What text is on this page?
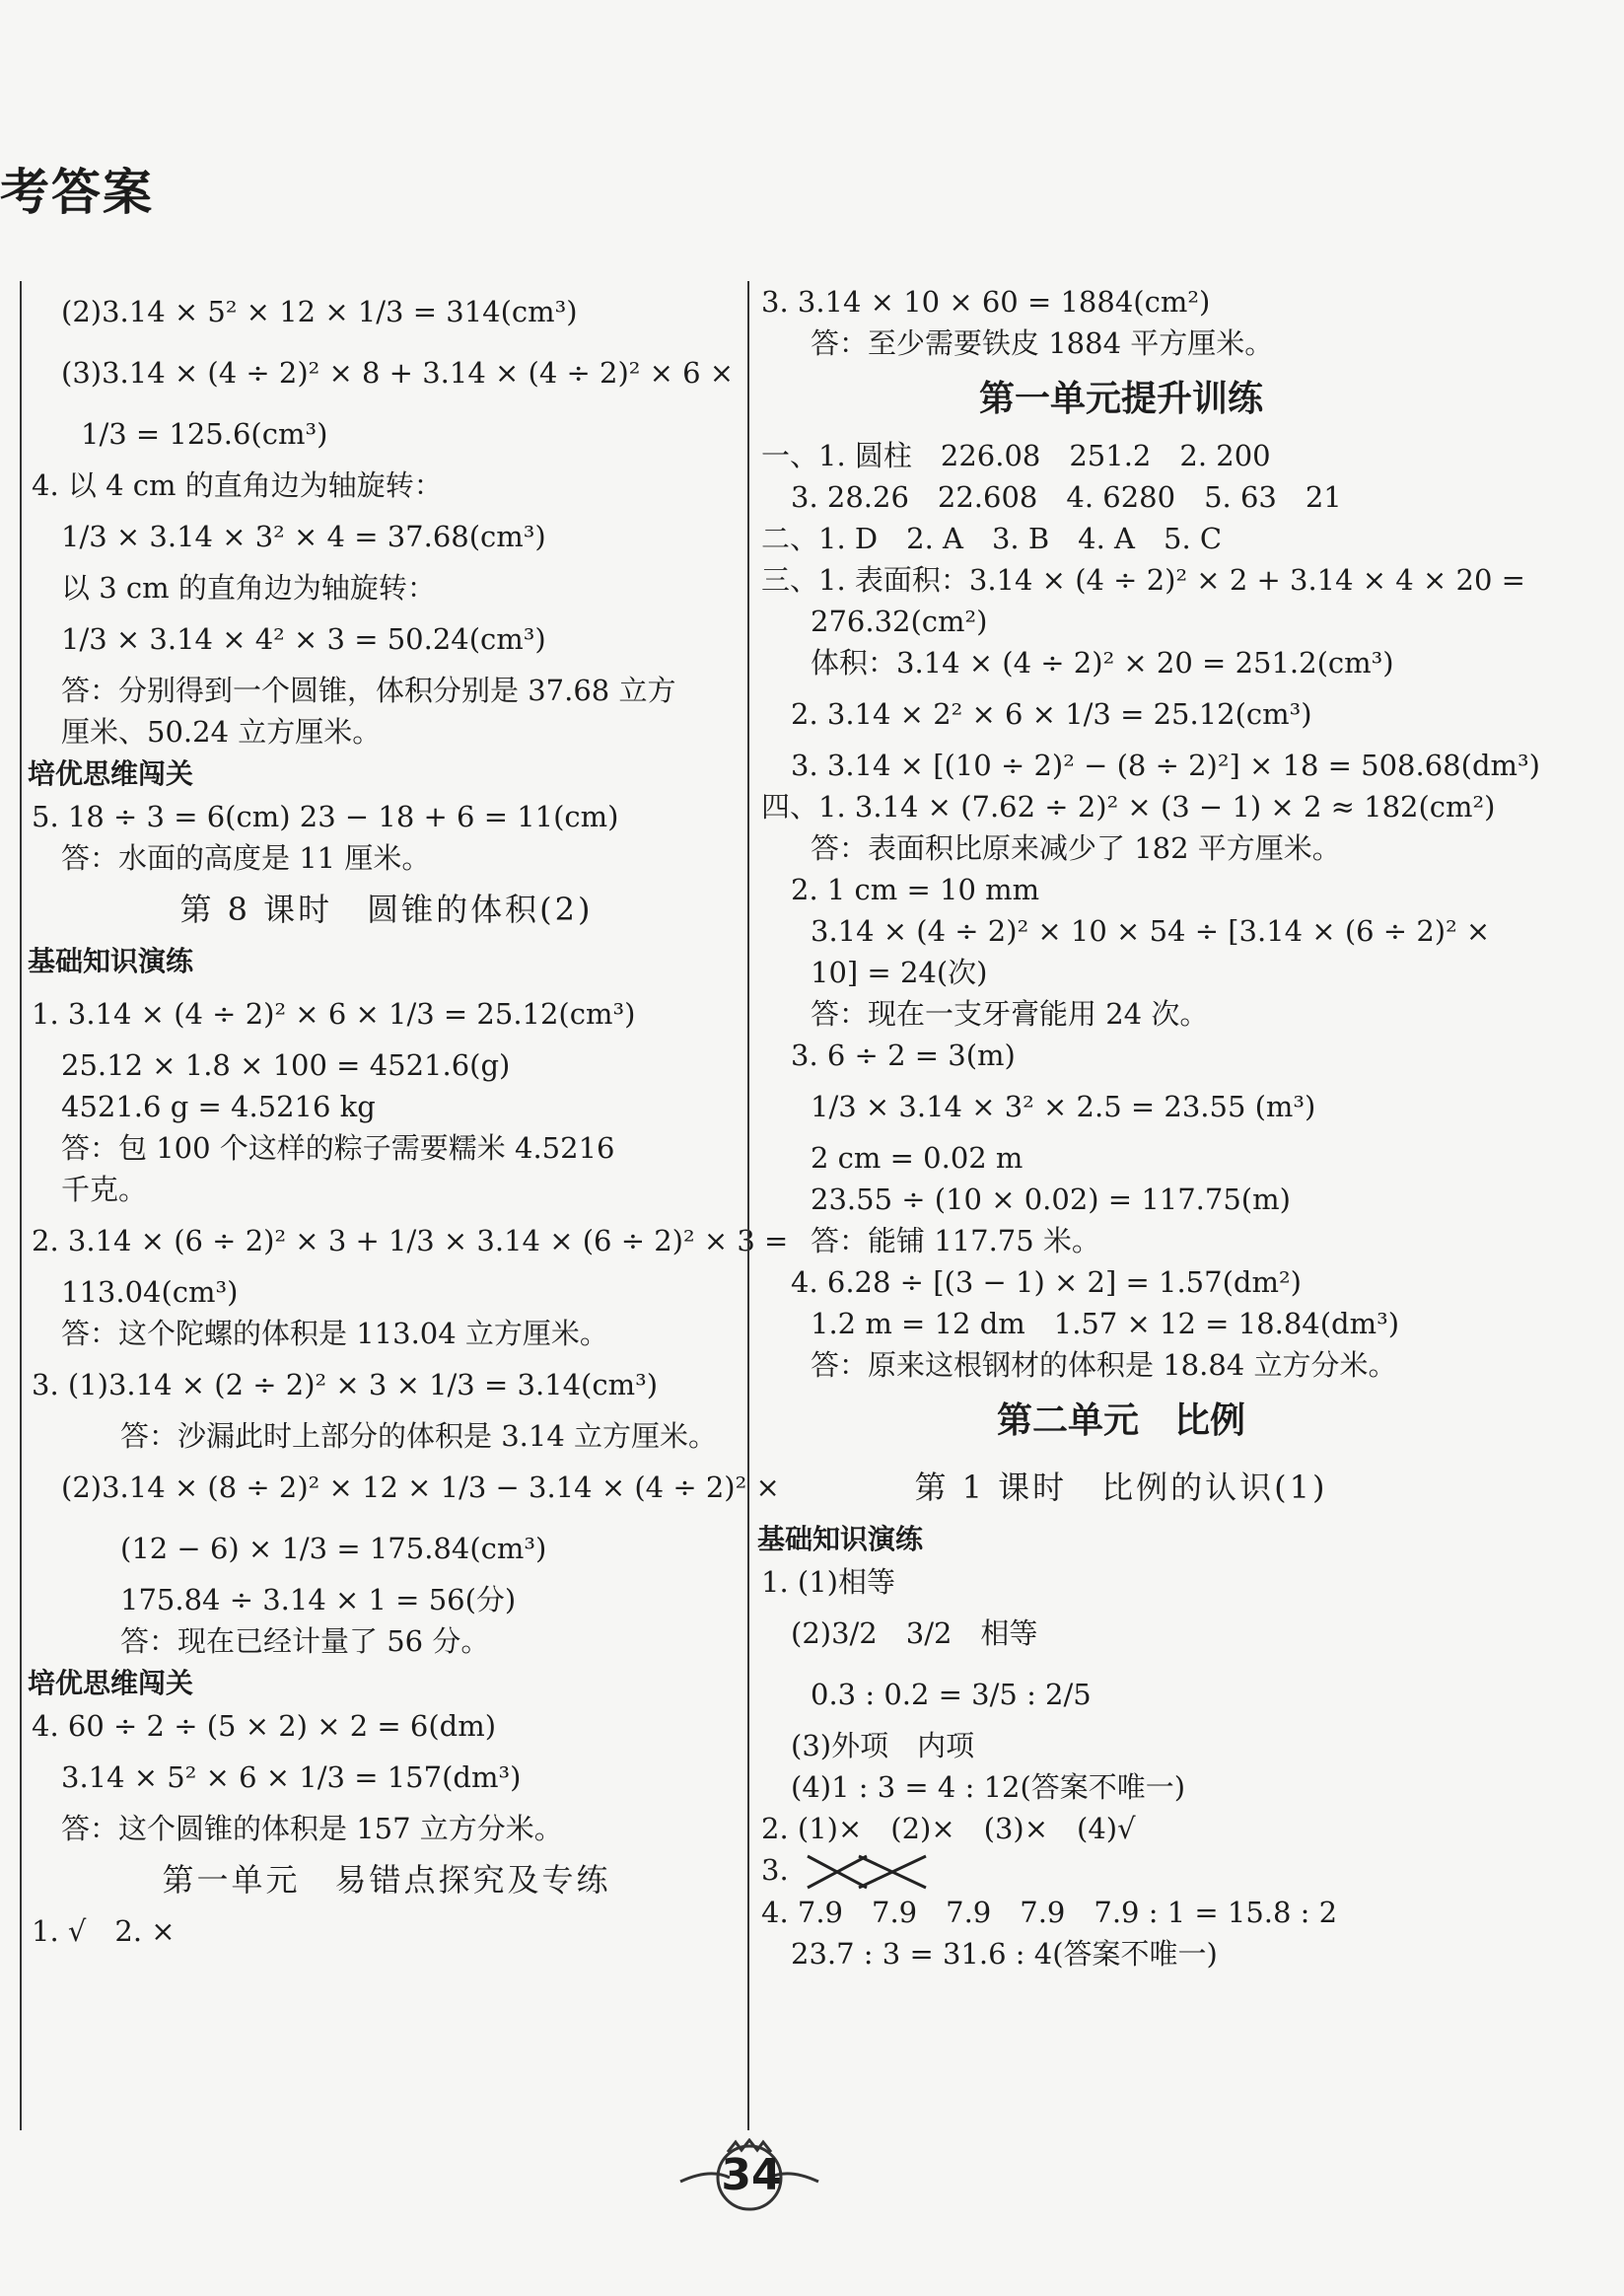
考答案
(2)3.14 × 5² × 12 × 1/3 = 314(cm³)
(3)3.14 × (4 ÷ 2)² × 8 + 3.14 × (4 ÷ 2)² × 6 ×
1/3 = 125.6(cm³)
4. 以 4 cm 的直角边为轴旋转：
1/3 × 3.14 × 3² × 4 = 37.68(cm³)
以 3 cm 的直角边为轴旋转：
1/3 × 3.14 × 4² × 3 = 50.24(cm³)
答：分别得到一个圆锥，体积分别是 37.68 立方
厘米、50.24 立方厘米。
培优思维闯关
5. 18 ÷ 3 = 6(cm) 23 − 18 + 6 = 11(cm)
答：水面的高度是 11 厘米。
第 8 课时　圆锥的体积(2)
基础知识演练
1. 3.14 × (4 ÷ 2)² × 6 × 1/3 = 25.12(cm³)
25.12 × 1.8 × 100 = 4521.6(g)
4521.6 g = 4.5216 kg
答：包 100 个这样的粽子需要糯米 4.5216
千克。
2. 3.14 × (6 ÷ 2)² × 3 + 1/3 × 3.14 × (6 ÷ 2)² × 3 =
113.04(cm³)
答：这个陀螺的体积是 113.04 立方厘米。
3. (1)3.14 × (2 ÷ 2)² × 3 × 1/3 = 3.14(cm³)
答：沙漏此时上部分的体积是 3.14 立方厘米。
(2)3.14 × (8 ÷ 2)² × 12 × 1/3 − 3.14 × (4 ÷ 2)² ×
(12 − 6) × 1/3 = 175.84(cm³)
175.84 ÷ 3.14 × 1 = 56(分)
答：现在已经计量了 56 分。
培优思维闯关
4. 60 ÷ 2 ÷ (5 × 2) × 2 = 6(dm)
3.14 × 5² × 6 × 1/3 = 157(dm³)
答：这个圆锥的体积是 157 立方分米。
第一单元　易错点探究及专练
1. √　2. ×
3. 3.14 × 10 × 60 = 1884(cm²)
答：至少需要铁皮 1884 平方厘米。
第一单元提升训练
一、1. 圆柱　226.08　251.2　2. 200
3. 28.26　22.608　4. 6280　5. 63　21
二、1. D　2. A　3. B　4. A　5. C
三、1. 表面积：3.14 × (4 ÷ 2)² × 2 + 3.14 × 4 × 20 =
276.32(cm²)
体积：3.14 × (4 ÷ 2)² × 20 = 251.2(cm³)
2. 3.14 × 2² × 6 × 1/3 = 25.12(cm³)
3. 3.14 × [(10 ÷ 2)² − (8 ÷ 2)²] × 18 = 508.68(dm³)
四、1. 3.14 × (7.62 ÷ 2)² × (3 − 1) × 2 ≈ 182(cm²)
答：表面积比原来减少了 182 平方厘米。
2. 1 cm = 10 mm
3.14 × (4 ÷ 2)² × 10 × 54 ÷ [3.14 × (6 ÷ 2)² ×
10] = 24(次)
答：现在一支牙膏能用 24 次。
3. 6 ÷ 2 = 3(m)
1/3 × 3.14 × 3² × 2.5 = 23.55 (m³)
2 cm = 0.02 m
23.55 ÷ (10 × 0.02) = 117.75(m)
答：能铺 117.75 米。
4. 6.28 ÷ [(3 − 1) × 2] = 1.57(dm²)
1.2 m = 12 dm　1.57 × 12 = 18.84(dm³)
答：原来这根钢材的体积是 18.84 立方分米。
第二单元　比例
第 1 课时　比例的认识(1)
基础知识演练
1. (1)相等
(2)3/2　3/2　相等
0.3 : 0.2 = 3/5 : 2/5
(3)外项　内项
(4)1 : 3 = 4 : 12(答案不唯一)
2. (1)×　(2)×　(3)×　(4)√
3.
4. 7.9　7.9　7.9　7.9　7.9 : 1 = 15.8 : 2
23.7 : 3 = 31.6 : 4(答案不唯一)
34
